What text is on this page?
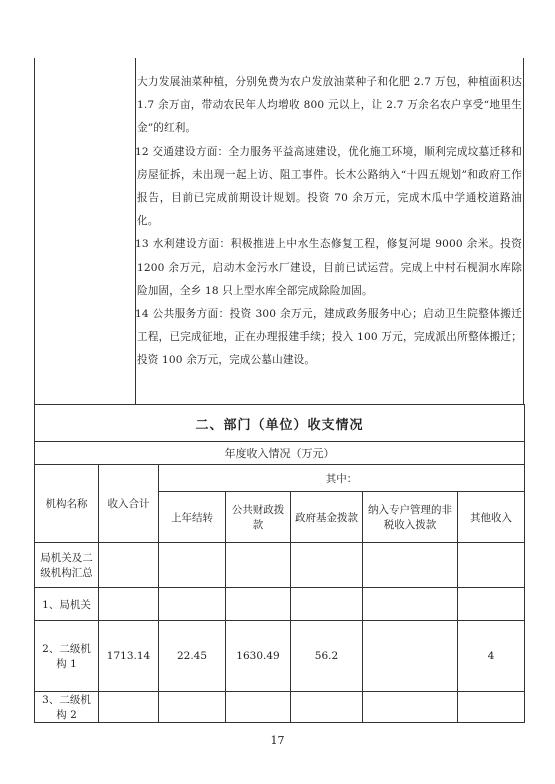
大力发展油菜种植，分别免费为农户发放油菜种子和化肥 2.7 万包，种植面积达 1.7 余万亩，带动农民年人均增收 800 元以上，让 2.7 万余名农户享受“地里生金”的红利。

12 交通建设方面：全力服务平益高速建设，优化施工环境，顺利完成坟墓迁移和房屋征拆，未出现一起上访、阻工事件。长木公路纳入“十四五规划”和政府工作报告，目前已完成前期设计规划。投资 70 余万元，完成木瓜中学通校道路油化。

13 水利建设方面：积极推进上中水生态修复工程，修复河堤 9000 余米。投资 1200 余万元，启动木金污水厂建设，目前已试运营。完成上中村石枧洞水库除险加固，全乡 18 只上型水库全部完成除险加固。

14 公共服务方面：投资 300 余万元，建成政务服务中心；启动卫生院整体搬迁工程，已完成征地，正在办理报建手续；投入 100 万元，完成派出所整体搬迁；投资 100 余万元，完成公墓山建设。

二、部门（单位）收支情况						
年度收入情况（万元）						
机构名称	收入合计	其中：				
		上年结转	公共财政拨款	政府基金拨款	纳入专户管理的非税收入拨款	其他收入
局机关及二级机构汇总						
1、局机关						
2、二级机构 1	1713.14	22.45	1630.49	56.2		4
3、二级机构 2						
17
